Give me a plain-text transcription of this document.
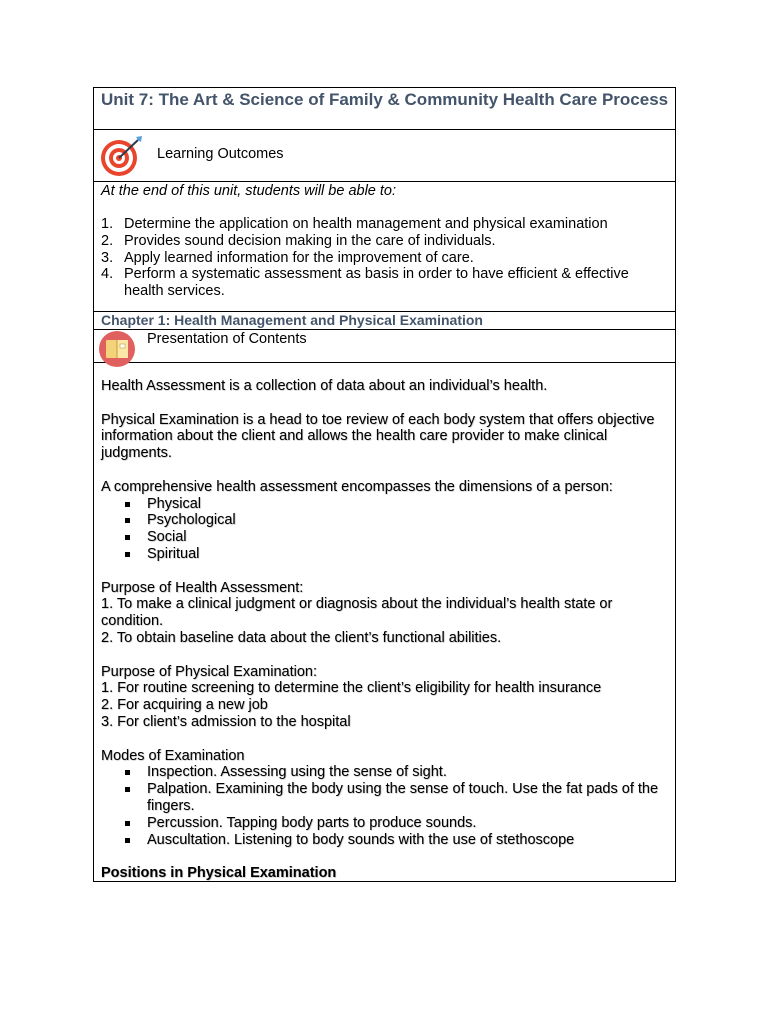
Unit 7: The Art & Science of Family & Community Health Care Process
Learning Outcomes
At the end of this unit, students will be able to:
1. Determine the application on health management and physical examination
2. Provides sound decision making in the care of individuals.
3. Apply learned information for the improvement of care.
4. Perform a systematic assessment as basis in order to have efficient & effective health services.
Chapter 1: Health Management and Physical Examination
Presentation of Contents

Health Assessment is a collection of data about an individual’s health.

Physical Examination is a head to toe review of each body system that offers objective information about the client and allows the health care provider to make clinical judgments.

A comprehensive health assessment encompasses the dimensions of a person:

Physical
Psychological
Social
Spiritual

Purpose of Health Assessment:

1. To make a clinical judgment or diagnosis about the individual’s health state or condition.

2. To obtain baseline data about the client’s functional abilities.

Purpose of Physical Examination:

1. For routine screening to determine the client’s eligibility for health insurance

2. For acquiring a new job

3. For client’s admission to the hospital

Modes of Examination

Inspection. Assessing using the sense of sight.
Palpation. Examining the body using the sense of touch. Use the fat pads of the fingers.
Percussion. Tapping body parts to produce sounds.
Auscultation. Listening to body sounds with the use of stethoscope

Positions in Physical Examination
